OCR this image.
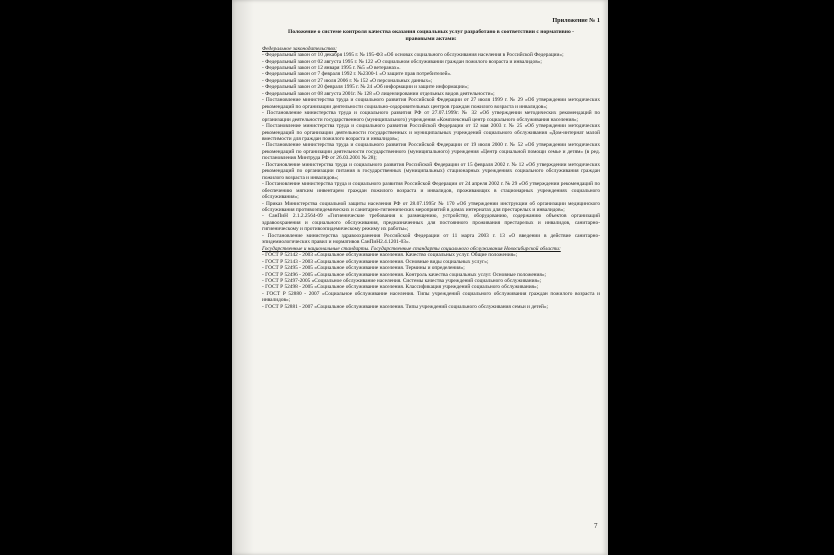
Приложение № 1
Положение о системе контроля качества оказания социальных услуг разработано в соответствии с нормативно - правовыми актами:
Федеральное законодательство:

- Федеральный закон от 10 декабря 1995 г. № 195-ФЗ «Об основах социального обслуживания населения в Российской Федерации»;

- Федеральный закон от 02 августа 1995 г. № 122 «О социальном обслуживании граждан пожилого возраста и инвалидов»;

- Федеральный закон от 12 января 1995 г. №5 «О ветеранах».

- Федеральный закон от 7 февраля 1992 г. №2300-1 «О защите прав потребителей».

- Федеральный закон от 27 июля 2006 г. № 152 «О персональных данных»;

- Федеральный закон от 20 февраля 1995 г. № 24 «Об информации и защите информации»;

- Федеральный закон от 08 августа 2001г. № 128 «О лицензировании отдельных видов деятельности»;

- Постановление министерства труда и социального развития Российской Федерации от 27 июля 1999 г. № 29 «Об утверждении методических рекомендаций по организации деятельности социально-оздоровительных центров граждан пожилого возраста и инвалидов»;

- Постановление министерства труда и социального развития РФ от 27.07.1999г. № 32 «Об утверждении методических рекомендаций по организации деятельности государственного (муниципального) учреждения «Комплексный центр социального обслуживания населения»;

- Постановление министерства труда и социального развития Российской Федерации от 12 мая 2003 г. № 25 «Об утверждении методических рекомендаций по организации деятельности государственных и муниципальных учреждений социального обслуживания «Дом-интернат малой вместимости для граждан пожилого возраста и инвалидов»;

- Постановление министерства труда и социального развития Российской Федерации от 19 июля 2000 г. № 52 «Об утверждении методических рекомендаций по организации деятельности государственного (муниципального) учреждения «Центр социальной помощи семье и детям» (в ред. постановления Минтруда РФ от 26.03.2001 № 28);

- Постановление министерства труда и социального развития Российской Федерации от 15 февраля 2002 г. № 12 «Об утверждении методических рекомендаций по организации питания в государственных (муниципальных) стационарных учреждениях социального обслуживания граждан пожилого возраста и инвалидов»;

- Постановление министерства труда и социального развития Российской Федерации от 24 апреля 2002 г. № 29 «Об утверждении рекомендаций по обеспечению мягким инвентарем граждан пожилого возраста и инвалидов, проживающих в стационарных учреждениях социального обслуживания»;

- Приказ Министерства социальной защиты населения РФ от 28.07.1995г № 170 «Об утверждении инструкции об организации медицинского обслуживания противоэпидемических и санитарно-гигиенических мероприятий в домах интернатах для престарелых и инвалидов»;

- СанПиН 2.1.2.2564-09 «Гигиенические требования к размещению, устройству, оборудованию, содержанию объектов организаций здравоохранения и социального обслуживания, предназначенных для постоянного проживания престарелых и инвалидов, санитарно- гигиеническому и противоэпидемическому режиму их работы»;

- Постановление министерства здравоохранения Российской Федерации от 11 марта 2003 г. 13 «О введении в действие санитарно-эпидемиологических правил и нормативов СанПиН2.4.1201-03».

Государственные и национальные стандарты. Государственные стандарты социального обслуживания Новосибирской области:

- ГОСТ Р 52142 - 2003 «Социальное обслуживание населения. Качество социальных услуг. Общие положения»;

- ГОСТ Р 52143 - 2003 «Социальное обслуживание населения. Основные виды социальных услуг»;

- ГОСТ Р 52495 - 2005 «Социальное обслуживание населения. Термины и определения»;

- ГОСТ Р 52496 - 2005 «Социальное обслуживание населения. Контроль качества социальных услуг. Основные положения»;

- ГОСТ Р 52497-2005 «Социальное обслуживание населения. Системы качества учреждений социального обслуживания»;

- ГОСТ Р 52498 - 2005 «Социальное обслуживание населения. Классификация учреждений социального обслуживания»;

- ГОСТ Р 52880 - 2007 «Социальное обслуживание населения. Типы учреждений социального обслуживания граждан пожилого возраста и инвалидов»;

- ГОСТ Р 52881 - 2007 «Социальное обслуживание населения. Типы учреждений социального обслуживания семьи и детей»;

7
